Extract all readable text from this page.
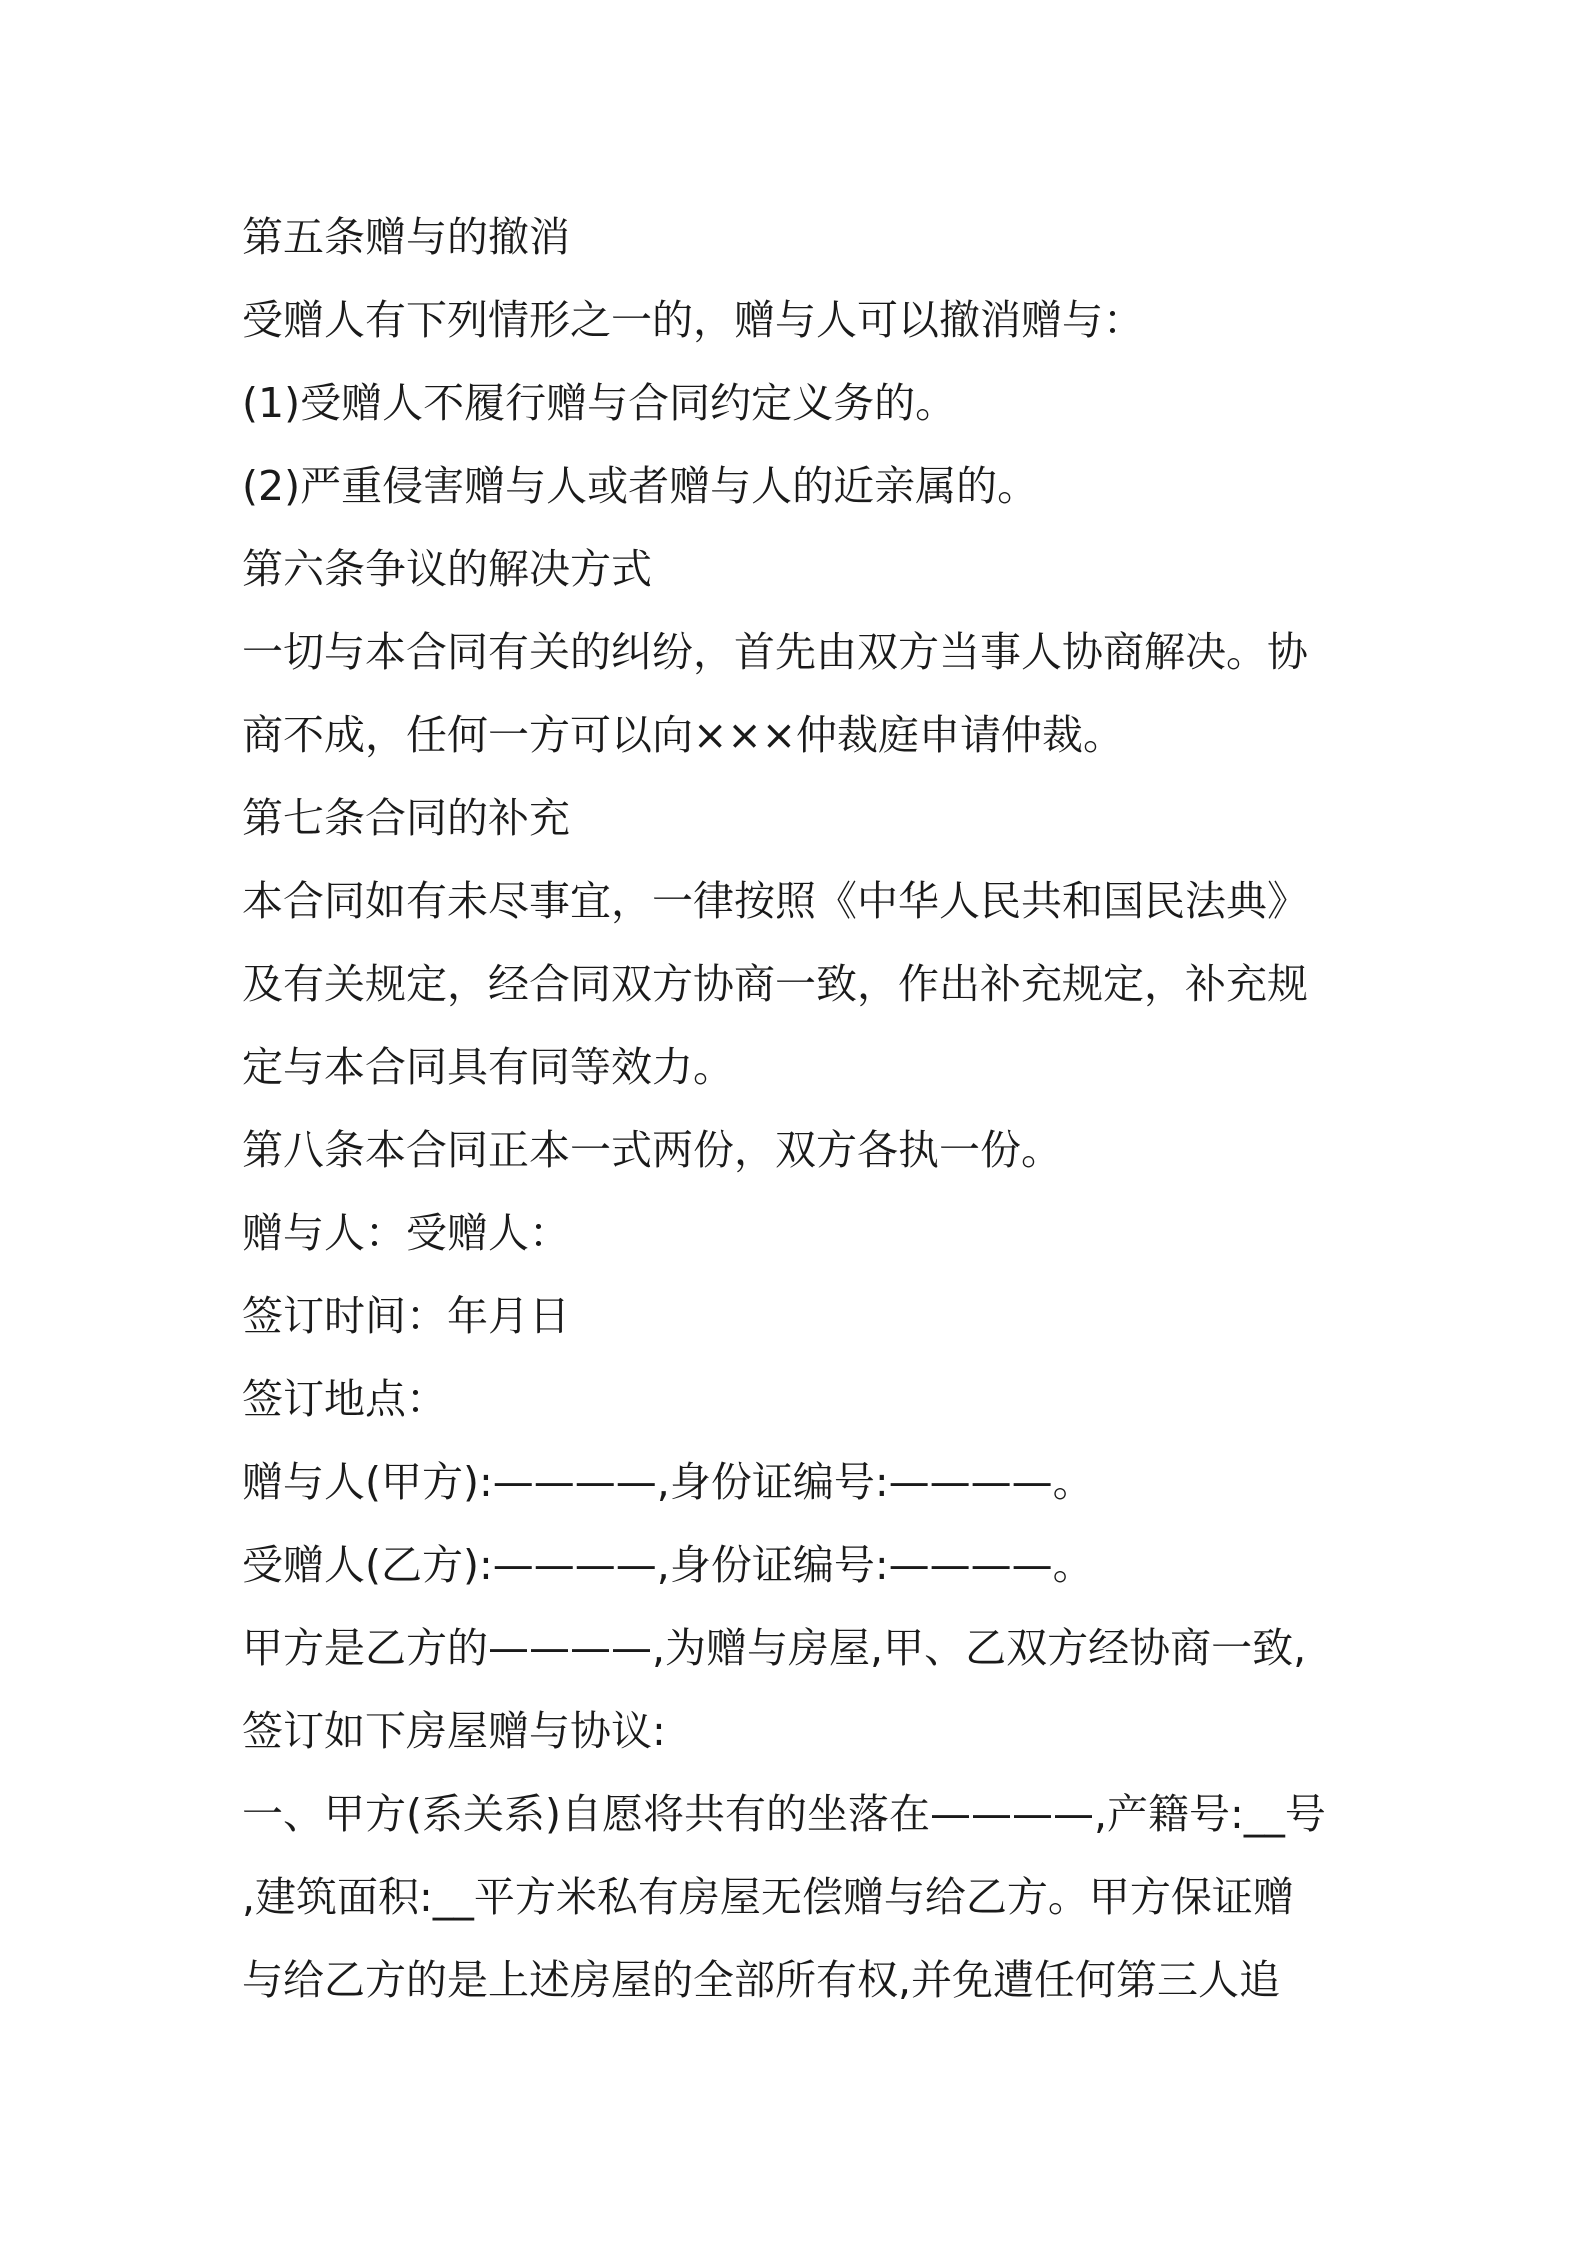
第五条赠与的撤消
受赠人有下列情形之一的，赠与人可以撤消赠与：
(1)受赠人不履行赠与合同约定义务的。
(2)严重侵害赠与人或者赠与人的近亲属的。
第六条争议的解决方式
一切与本合同有关的纠纷，首先由双方当事人协商解决。协
商不成，任何一方可以向×××仲裁庭申请仲裁。
第七条合同的补充
本合同如有未尽事宜，一律按照《中华人民共和国民法典》
及有关规定，经合同双方协商一致，作出补充规定，补充规
定与本合同具有同等效力。
第八条本合同正本一式两份，双方各执一份。
赠与人：受赠人：
签订时间：年月日
签订地点：
赠与人(甲方):————,身份证编号:————。
受赠人(乙方):————,身份证编号:————。
甲方是乙方的————,为赠与房屋,甲、乙双方经协商一致,
签订如下房屋赠与协议:
一、甲方(系关系)自愿将共有的坐落在————,产籍号:__号
,建筑面积:__平方米私有房屋无偿赠与给乙方。甲方保证赠
与给乙方的是上述房屋的全部所有权,并免遭任何第三人追
